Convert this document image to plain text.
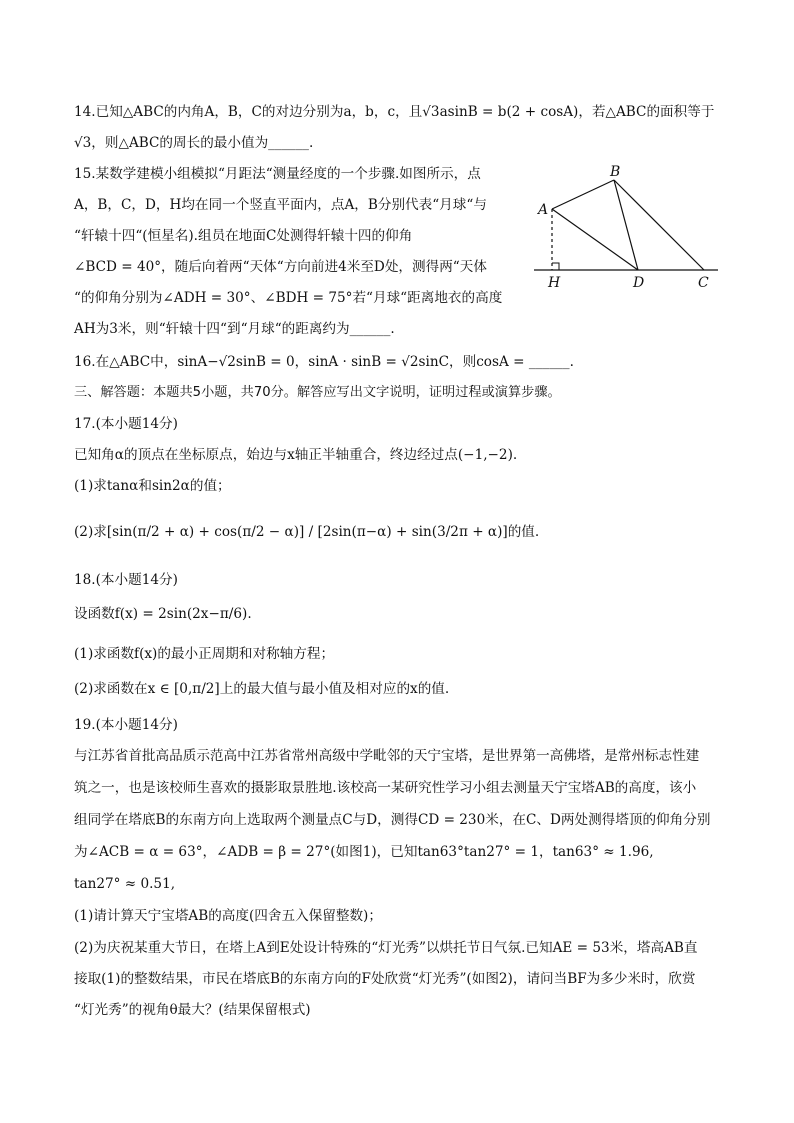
14.已知△ABC的内角A，B，C的对边分别为a，b，c，且√3asinB = b(2 + cosA)，若△ABC的面积等于
√3，则△ABC的周长的最小值为______.
15.某数学建模小组模拟“月距法“测量经度的一个步骤.如图所示，点
A，B，C，D，H均在同一个竖直平面内，点A，B分别代表“月球“与
“轩辕十四“(恒星名).组员在地面C处测得轩辕十四的仰角
∠BCD = 40°，随后向着两“天体“方向前进4米至D处，测得两“天体
“的仰角分别为∠ADH = 30°、∠BDH = 75°若“月球“距离地衣的高度
AH为3米，则“轩辕十四“到“月球“的距离约为______.
16.在△ABC中，sinA−√2sinB = 0，sinA · sinB = √2sinC，则cosA = ______.
三、解答题：本题共5小题，共70分。解答应写出文字说明，证明过程或演算步骤。
17.(本小题14分)
已知角α的顶点在坐标原点，始边与x轴正半轴重合，终边经过点(−1,−2).
(1)求tanα和sin2α的值；
(2)求[sin(π/2 + α) + cos(π/2 − α)] / [2sin(π−α) + sin(3/2π + α)]的值.
18.(本小题14分)
设函数f(x) = 2sin(2x−π/6).
(1)求函数f(x)的最小正周期和对称轴方程；
(2)求函数在x ∈ [0,π/2]上的最大值与最小值及相对应的x的值.
19.(本小题14分)
与江苏省首批高品质示范高中江苏省常州高级中学毗邻的天宁宝塔，是世界第一高佛塔，是常州标志性建
筑之一，也是该校师生喜欢的摄影取景胜地.该校高一某研究性学习小组去测量天宁宝塔AB的高度，该小
组同学在塔底B的东南方向上选取两个测量点C与D，测得CD = 230米，在C、D两处测得塔顶的仰角分别
为∠ACB = α = 63°，∠ADB = β = 27°(如图1)，已知tan63°tan27° = 1，tan63° ≈ 1.96,
tan27° ≈ 0.51,
(1)请计算天宁宝塔AB的高度(四舍五入保留整数)；
(2)为庆祝某重大节日，在塔上A到E处设计特殊的“灯光秀”以烘托节日气氛.已知AE = 53米，塔高AB直
接取(1)的整数结果，市民在塔底B的东南方向的F处欣赏“灯光秀”(如图2)，请问当BF为多少米时，欣赏
“灯光秀”的视角θ最大？(结果保留根式)
A
B
H	D	C
